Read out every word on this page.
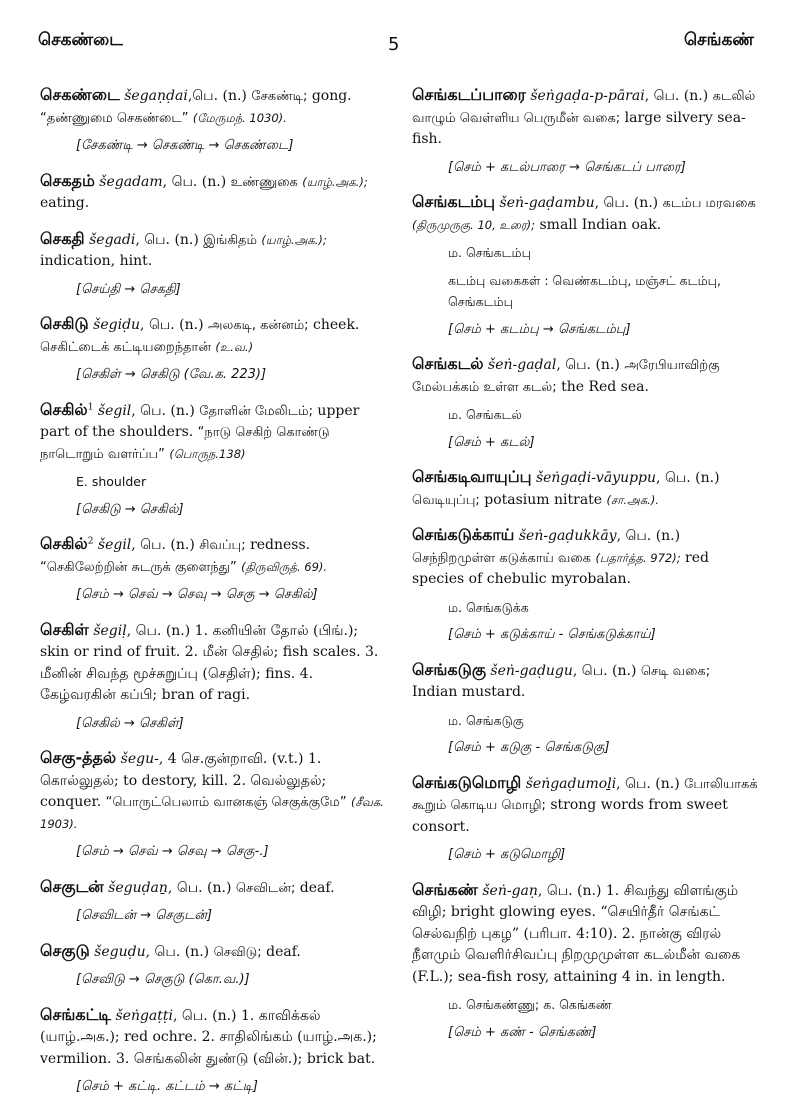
செகண்டை	5	செங்கண்
செகண்டை šegaṇḍai,பெ. (n.) சேகண்டி; gong. “தண்ணுமை செகண்டை” (மேருமந். 1030).
[சேகண்டி → செகண்டி → செகண்டை]
செகதம் šegadam, பெ. (n.) உண்ணுகை (யாழ்.அக.); eating.
செகதி šegadi, பெ. (n.) இங்கிதம் (யாழ்.அக.); indication, hint.
[செய்தி → செகதி]
செகிடு šegiḍu, பெ. (n.) அலகடி, கன்னம்; cheek. செகிட்டைக் கட்டியறைந்தான் (உ.வ.)
[செகிள் → செகிடு (வே.க. 223)]
செகில்$^1$ šegil, பெ. (n.) தோளின் மேலிடம்; upper part of the shoulders. “நாடு செகிற் கொண்டு நாடொறும் வளர்ப்ப” (பொருந.138)
E. shoulder
[செகிடு → செகில்]
செகில்$^2$ šegil, பெ. (n.) சிவப்பு; redness. “செகிலேற்றின் சுடருக் குளைந்து” (திருவிருத். 69).
[செம் → செவ் → செவு → செகு → செகில்]
செகிள் šegiḷ, பெ. (n.) 1. கனியின் தோல் (பிங்.); skin or rind of fruit. 2. மீன் செதில்; fish scales. 3. மீனின் சிவந்த மூச்சுறுப்பு (செதிள்); fins. 4. கேழ்வரகின் கப்பி; bran of ragi.
[செகில் → செகிள்]
செகு-த்தல் šegu-, 4 செ.குன்றாவி. (v.t.) 1. கொல்லுதல்; to destory, kill. 2. வெல்லுதல்; conquer. “பொருட்பெலாம் வானகஞ் செகுக்குமே” (சீவக. 1903).
[செம் → செவ் → செவு → செகு-.]
செகுடன் šeguḍaṉ, பெ. (n.) செவிடன்; deaf.
[செவிடன் → செகுடன்]
செகுடு šeguḍu, பெ. (n.) செவிடு; deaf.
[செவிடு → செகுடு (கொ.வ.)]
செங்கட்டி šeṅgaṭṭi, பெ. (n.) 1. காவிக்கல் (யாழ்.அக.); red ochre. 2. சாதிலிங்கம் (யாழ்.அக.); vermilion. 3. செங்கலின் துண்டு (வின்.); brick bat.
[செம் + கட்டி. கட்டம் → கட்டி]
செங்கடப்பாரை šeṅgaḍa-p-pārai, பெ. (n.) கடலில் வாழும் வெள்ளிய பெருமீன் வகை; large silvery sea-fish.
[செம் + கடல்பாரை → செங்கடப் பாரை]
செங்கடம்பு šeṅ-gaḍambu, பெ. (n.) கடம்ப மரவகை (திருமுருகு. 10, உரை); small Indian oak.
ம. செங்கடம்பு
கடம்பு வகைகள் : வெண்கடம்பு, மஞ்சட் கடம்பு, செங்கடம்பு
[செம் + கடம்பு → செங்கடம்பு]
செங்கடல் šeṅ-gaḍal, பெ. (n.) அரேபியாவிற்கு மேல்பக்கம் உள்ள கடல்; the Red sea.
ம. செங்கடல்
[செம் + கடல்]
செங்கடிவாயுப்பு šeṅgaḍi-vāyuppu, பெ. (n.) வெடியுப்பு; potasium nitrate (சா.அக.).
செங்கடுக்காய் šeṅ-gaḍukkāy, பெ. (n.) செந்நிறமுள்ள கடுக்காய் வகை (பதார்த்த. 972); red species of chebulic myrobalan.
ம. செங்கடுக்க
[செம் + கடுக்காய் - செங்கடுக்காய்]
செங்கடுகு šeṅ-gaḍugu, பெ. (n.) செடி வகை; Indian mustard.
ம. செங்கடுகு
[செம் + கடுகு - செங்கடுகு]
செங்கடுமொழி šeṅgaḍumoḻi, பெ. (n.) போலியாகக் கூறும் கொடிய மொழி; strong words from sweet consort.
[செம் + கடுமொழி]
செங்கண் šeṅ-gaṇ, பெ. (n.) 1. சிவந்து விளங்கும் விழி; bright glowing eyes. “செயிர்தீர் செங்கட் செல்வநிற் புகழ” (பரிபா. 4:10). 2. நான்கு விரல் நீளமும் வெளிர்சிவப்பு நிறமுமுள்ள கடல்மீன் வகை (F.L.); sea-fish rosy, attaining 4 in. in length.
ம. செங்கண்ணு; க. கெங்கண்
[செம் + கண் - செங்கண்]
